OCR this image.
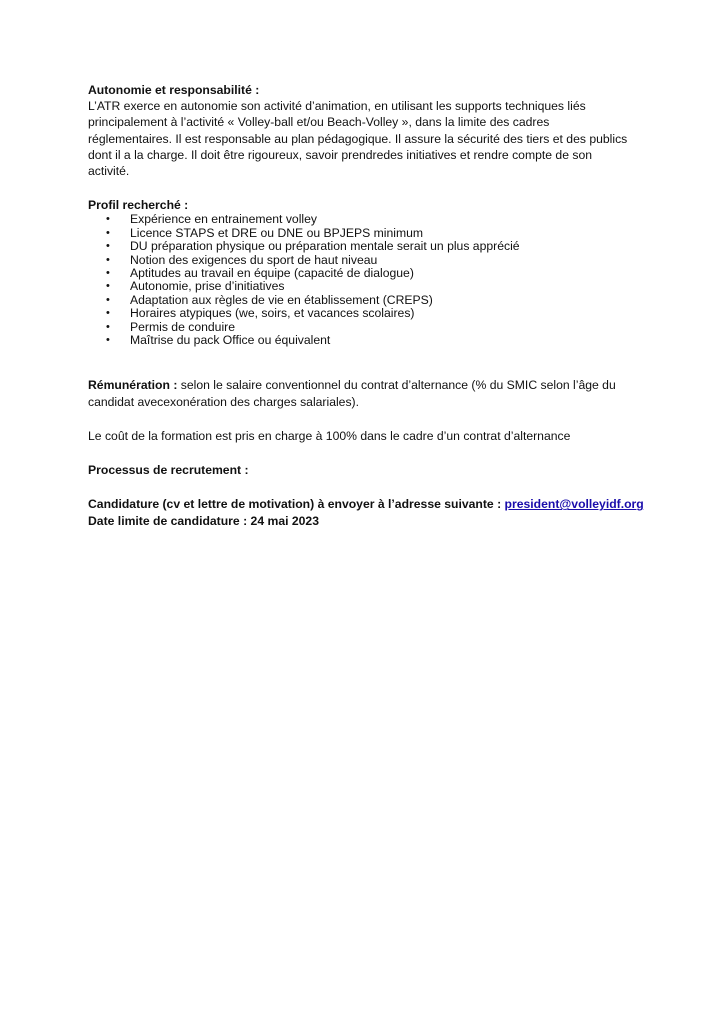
Autonomie et responsabilité :

L’ATR exerce en autonomie son activité d’animation, en utilisant les supports techniques liés
principalement à l’activité « Volley-ball et/ou Beach-Volley », dans la limite des cadres
réglementaires. Il est responsable au plan pédagogique. Il assure la sécurité des tiers et des publics
dont il a la charge. Il doit être rigoureux, savoir prendredes initiatives et rendre compte de son
activité.

Profil recherché :

• Expérience en entrainement volley
• Licence STAPS et DRE ou DNE ou BPJEPS minimum
• DU préparation physique ou préparation mentale serait un plus apprécié
• Notion des exigences du sport de haut niveau
• Aptitudes au travail en équipe (capacité de dialogue)
• Autonomie, prise d’initiatives
• Adaptation aux règles de vie en établissement (CREPS)
• Horaires atypiques (we, soirs, et vacances scolaires)
• Permis de conduire
• Maîtrise du pack Office ou équivalent
Rémunération : selon le salaire conventionnel du contrat d’alternance (% du SMIC selon l’âge du
candidat avecexonération des charges salariales).

Le coût de la formation est pris en charge à 100% dans le cadre d’un contrat d’alternance

Processus de recrutement :

Candidature (cv et lettre de motivation) à envoyer à l’adresse suivante : president@volleyidf.org
Date limite de candidature : 24 mai 2023
